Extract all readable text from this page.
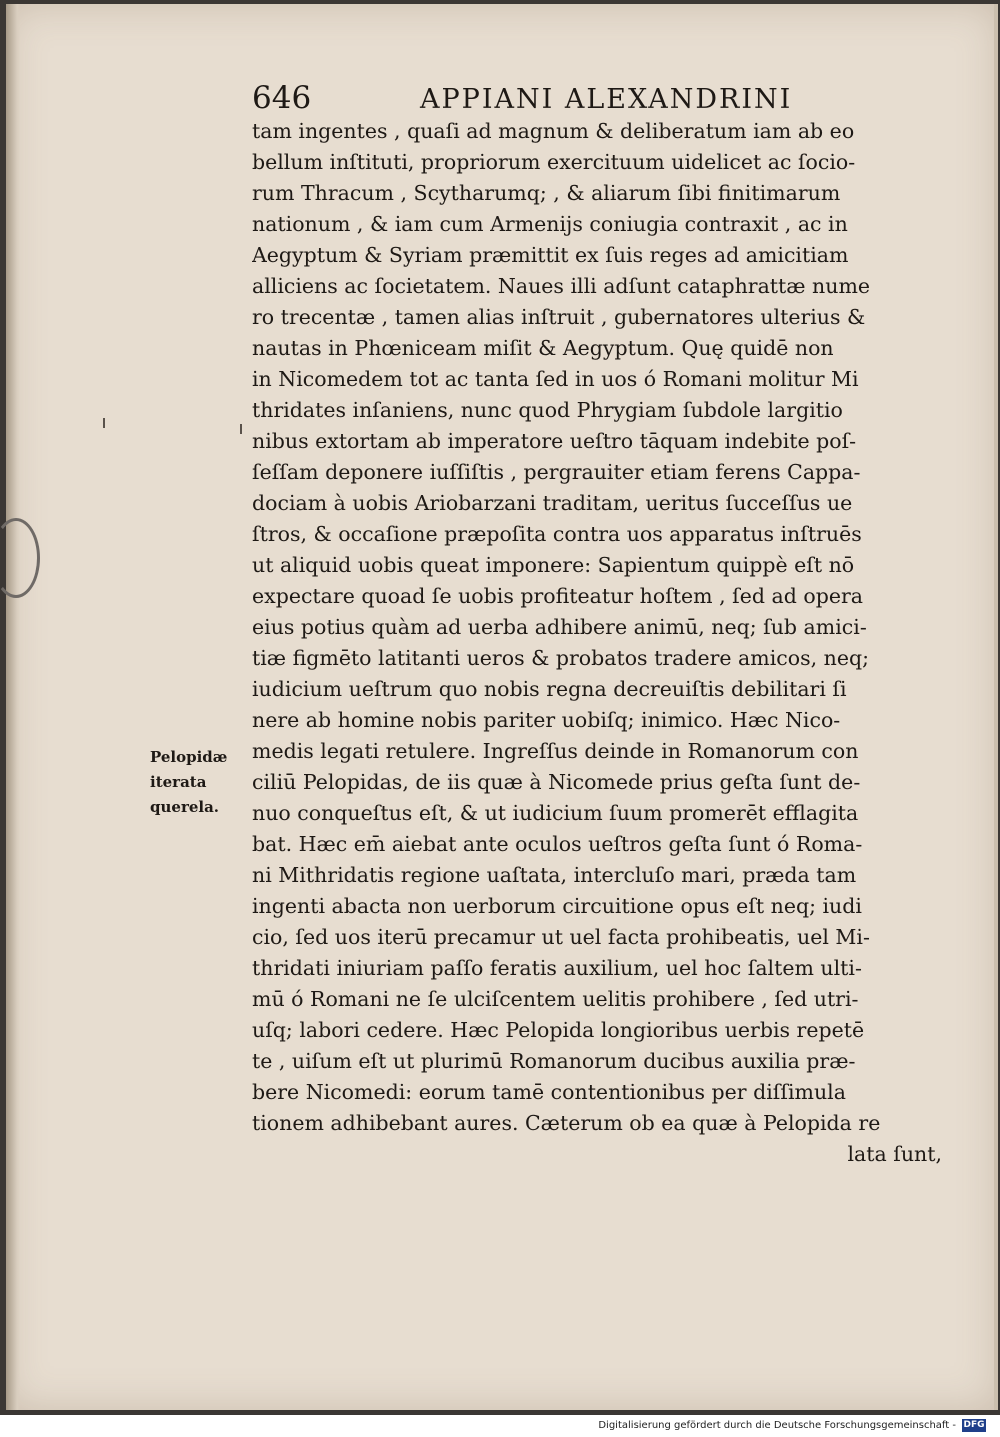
646	APPIANI ALEXANDRINI
tam ingentes , quaſi ad magnum & deliberatum iam ab eo
bellum inſtituti, propriorum exercituum uidelicet ac ſocio-
rum Thracum , Scytharumq; , & aliarum ſibi finitimarum
nationum , & iam cum Armenijs coniugia contraxit , ac in
Aegyptum & Syriam præmittit ex ſuis reges ad amicitiam
alliciens ac ſocietatem. Naues illi adſunt cataphrattæ nume
ro trecentæ , tamen alias inſtruit , gubernatores ulterius &
nautas in Phœniceam miſit & Aegyptum. Quę quidē non
in Nicomedem tot ac tanta ſed in uos ó Romani molitur Mi
thridates inſaniens, nunc quod Phrygiam ſubdole largitio
nibus extortam ab imperatore ueſtro tāquam indebite poſ-
ſeſſam deponere iuſſiſtis , pergrauiter etiam ferens Cappa-
dociam à uobis Ariobarzani traditam, ueritus ſucceſſus ue
ſtros, & occaſione præpoſita contra uos apparatus inſtruēs
ut aliquid uobis queat imponere: Sapientum quippè eſt nō
expectare quoad ſe uobis profiteatur hoſtem , ſed ad opera
eius potius quàm ad uerba adhibere animū, neq; ſub amici-
tiæ figmēto latitanti ueros & probatos tradere amicos, neq;
iudicium ueſtrum quo nobis regna decreuiſtis debilitari ſi
nere ab homine nobis pariter uobiſq; inimico. Hæc Nico-
medis legati retulere. Ingreſſus deinde in Romanorum con
ciliū Pelopidas, de iis quæ à Nicomede prius geſta ſunt de-
nuo conqueſtus eſt, & ut iudicium ſuum promerēt efflagita
bat. Hæc em̄ aiebat ante oculos ueſtros geſta ſunt ó Roma-
ni Mithridatis regione uaſtata, intercluſo mari, præda tam
ingenti abacta non uerborum circuitione opus eſt neq; iudi
cio, ſed uos iterū precamur ut uel facta prohibeatis, uel Mi-
thridati iniuriam paſſo feratis auxilium, uel hoc ſaltem ulti-
mū ó Romani ne ſe ulciſcentem uelitis prohibere , ſed utri-
uſq; labori cedere. Hæc Pelopida longioribus uerbis repetē
te , uiſum eſt ut plurimū Romanorum ducibus auxilia præ-
bere Nicomedi: eorum tamē contentionibus per diſſimula
tionem adhibebant aures. Cæterum ob ea quæ à Pelopida re
lata ſunt,
Pelopidæ
iterata
querela.
Digitalisierung gefördert durch die Deutsche Forschungsgemeinschaft - DFG
